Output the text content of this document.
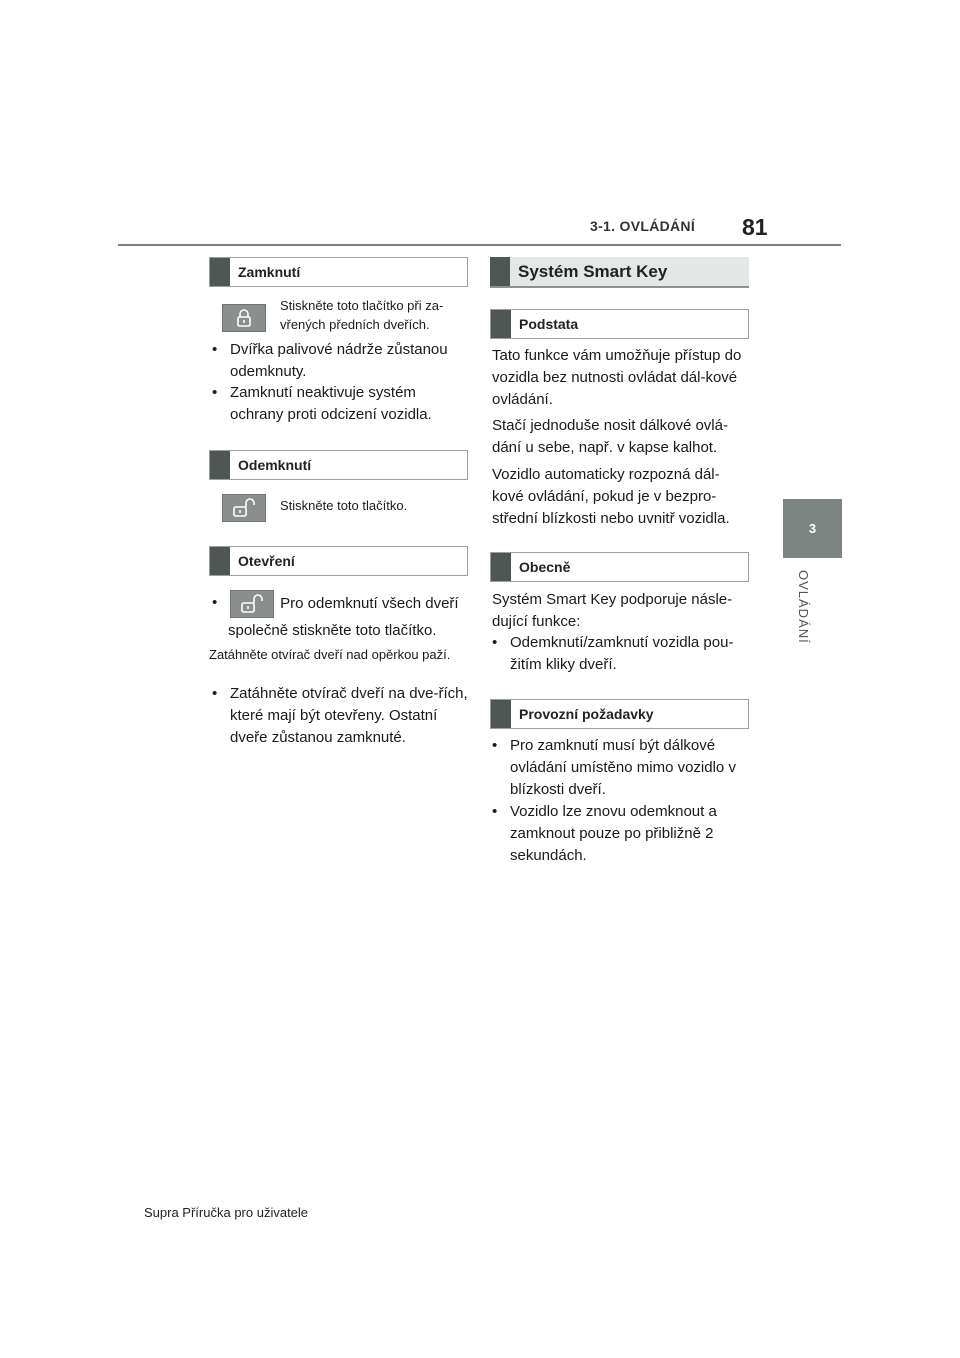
3-1. OVLÁDÁNÍ 81
3
OVLÁDÁNÍ
Zamknutí
Stiskněte toto tlačítko při za-vřených předních dveřích.
• Dvířka palivové nádrže zůstanou odemknuty.
• Zamknutí neaktivuje systém ochrany proti odcizení vozidla.
Odemknutí
Stiskněte toto tlačítko.
Otevření
•	Pro odemknutí všech dveří společně stiskněte toto tlačítko.
Zatáhněte otvírač dveří nad opěrkou paží.
• Zatáhněte otvírač dveří na dve-řích, které mají být otevřeny. Ostatní dveře zůstanou zamknuté.
Systém Smart Key
Podstata
Tato funkce vám umožňuje přístup do vozidla bez nutnosti ovládat dál-kové ovládání.
Stačí jednoduše nosit dálkové ovlá-dání u sebe, např. v kapse kalhot.
Vozidlo automaticky rozpozná dál-kové ovládání, pokud je v bezpro-střední blízkosti nebo uvnitř vozidla.
Obecně
Systém Smart Key podporuje násle-dující funkce:
• Odemknutí/zamknutí vozidla pou-žitím kliky dveří.
Provozní požadavky
• Pro zamknutí musí být dálkové ovládání umístěno mimo vozidlo v blízkosti dveří.
• Vozidlo lze znovu odemknout a zamknout pouze po přibližně 2 sekundách.
Supra Příručka pro uživatele
